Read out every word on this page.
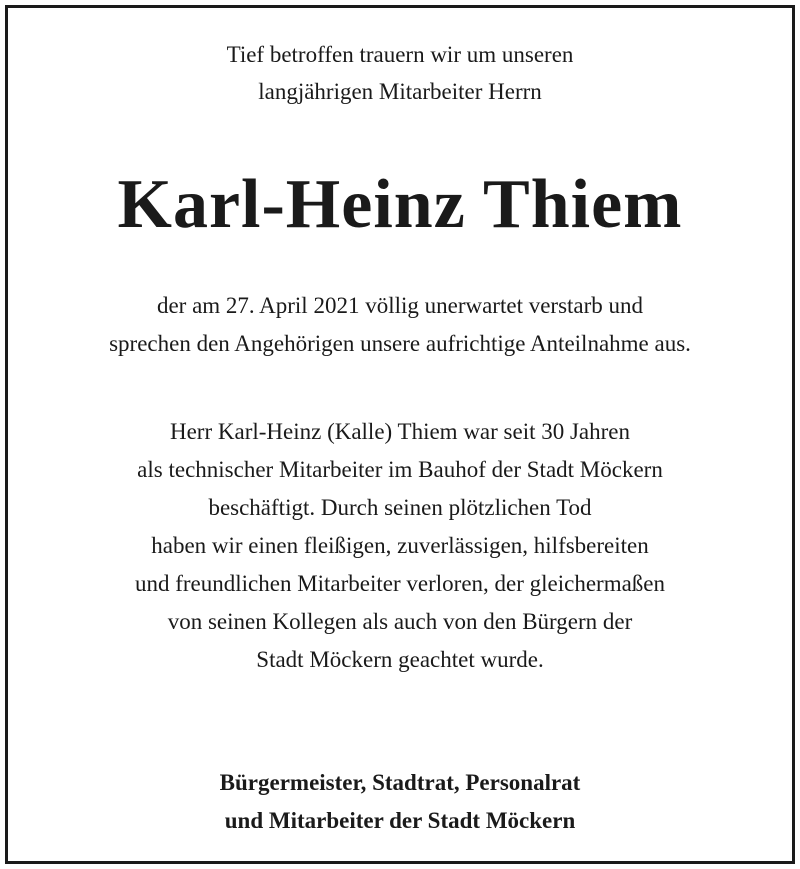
Tief betroffen trauern wir um unseren
langjährigen Mitarbeiter Herrn
Karl-Heinz Thiem
der am 27. April 2021 völlig unerwartet verstarb und
sprechen den Angehörigen unsere aufrichtige Anteilnahme aus.
Herr Karl-Heinz (Kalle) Thiem war seit 30 Jahren
als technischer Mitarbeiter im Bauhof der Stadt Möckern
beschäftigt. Durch seinen plötzlichen Tod
haben wir einen fleißigen, zuverlässigen, hilfsbereiten
und freundlichen Mitarbeiter verloren, der gleichermaßen
von seinen Kollegen als auch von den Bürgern der
Stadt Möckern geachtet wurde.
Bürgermeister, Stadtrat, Personalrat
und Mitarbeiter der Stadt Möckern
